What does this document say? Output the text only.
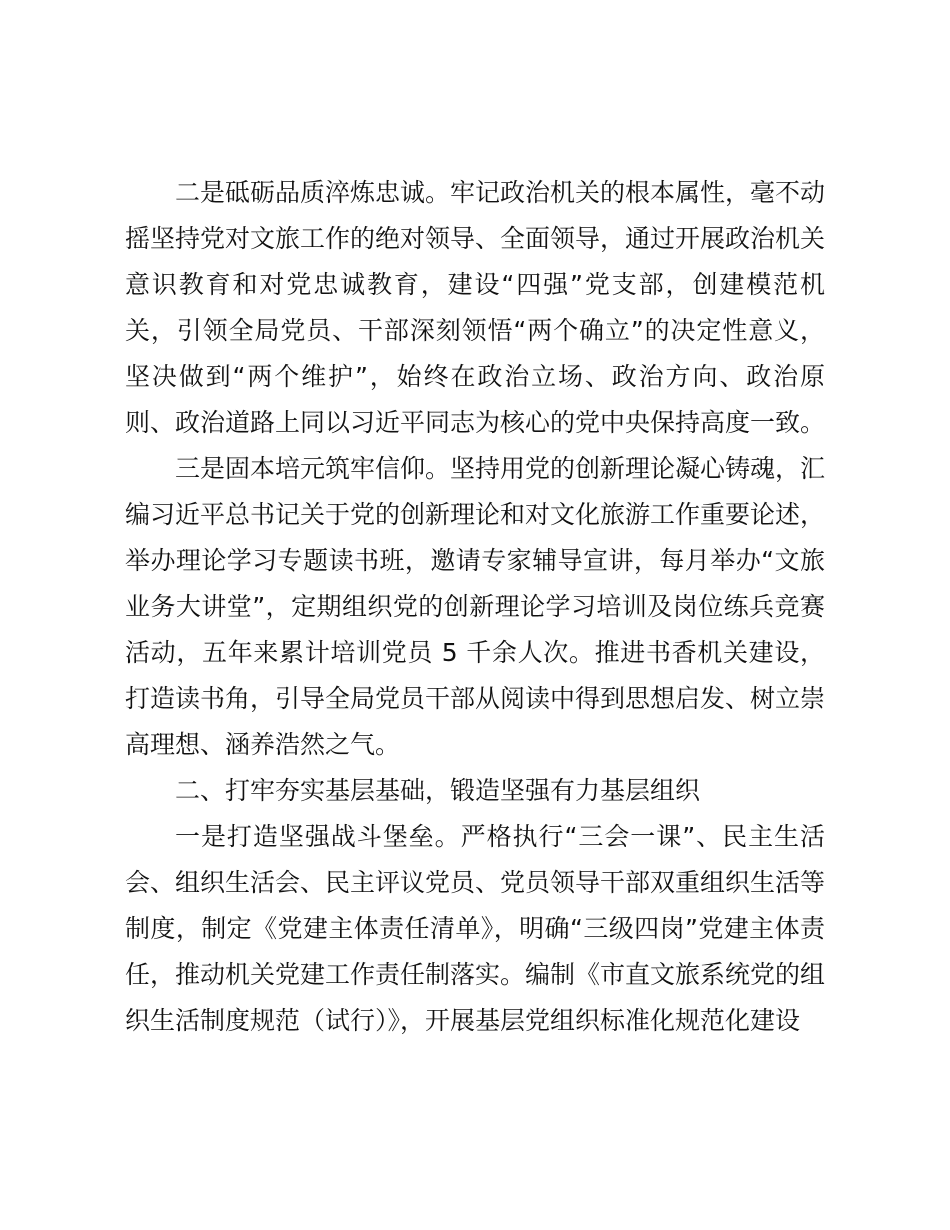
二是砥砺品质淬炼忠诚。牢记政治机关的根本属性，毫不动摇坚持党对文旅工作的绝对领导、全面领导，通过开展政治机关意识教育和对党忠诚教育，建设“四强”党支部，创建模范机关，引领全局党员、干部深刻领悟“两个确立”的决定性意义，坚决做到“两个维护”，始终在政治立场、政治方向、政治原则、政治道路上同以习近平同志为核心的党中央保持高度一致。

三是固本培元筑牢信仰。坚持用党的创新理论凝心铸魂，汇编习近平总书记关于党的创新理论和对文化旅游工作重要论述，举办理论学习专题读书班，邀请专家辅导宣讲，每月举办“文旅业务大讲堂”，定期组织党的创新理论学习培训及岗位练兵竞赛活动，五年来累计培训党员 5 千余人次。推进书香机关建设，打造读书角，引导全局党员干部从阅读中得到思想启发、树立崇高理想、涵养浩然之气。

二、打牢夯实基层基础，锻造坚强有力基层组织

一是打造坚强战斗堡垒。严格执行“三会一课”、民主生活会、组织生活会、民主评议党员、党员领导干部双重组织生活等制度，制定《党建主体责任清单》，明确“三级四岗”党建主体责任，推动机关党建工作责任制落实。编制《市直文旅系统党的组织生活制度规范（试行）》，开展基层党组织标准化规范化建设
